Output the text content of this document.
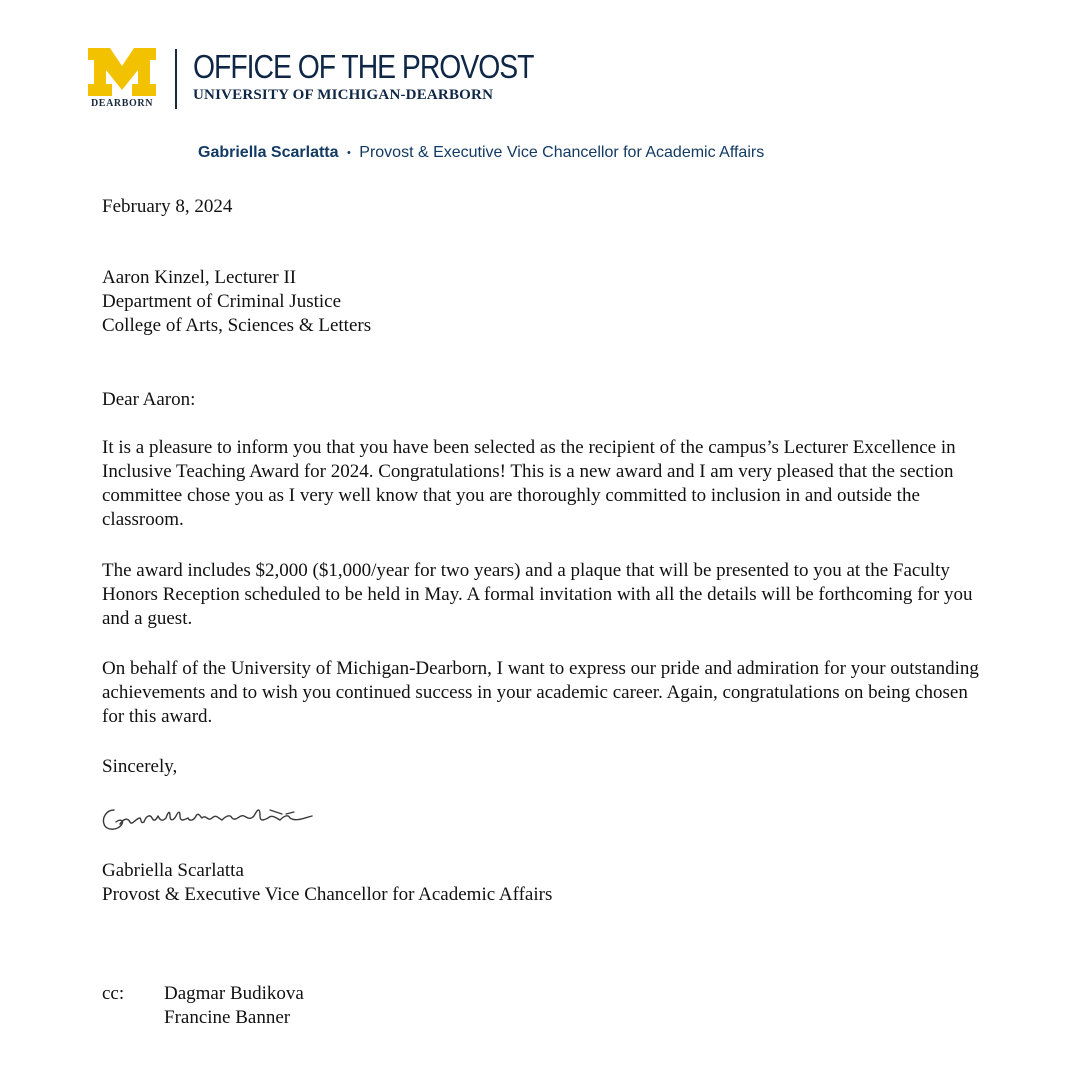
DEARBORN
OFFICE OF THE PROVOST
UNIVERSITY OF MICHIGAN-DEARBORN
Gabriella Scarlatta • Provost & Executive Vice Chancellor for Academic Affairs
February 8, 2024
Aaron Kinzel, Lecturer II
Department of Criminal Justice
College of Arts, Sciences & Letters
Dear Aaron:
It is a pleasure to inform you that you have been selected as the recipient of the campus’s Lecturer Excellence in Inclusive Teaching Award for 2024. Congratulations! This is a new award and I am very pleased that the section committee chose you as I very well know that you are thoroughly committed to inclusion in and outside the classroom.
The award includes $2,000 ($1,000/year for two years) and a plaque that will be presented to you at the Faculty Honors Reception scheduled to be held in May. A formal invitation with all the details will be forthcoming for you and a guest.
On behalf of the University of Michigan-Dearborn, I want to express our pride and admiration for your outstanding achievements and to wish you continued success in your academic career. Again, congratulations on being chosen for this award.
Sincerely,
Gabriella Scarlatta
Provost & Executive Vice Chancellor for Academic Affairs
cc: Dagmar Budikova
Francine Banner
